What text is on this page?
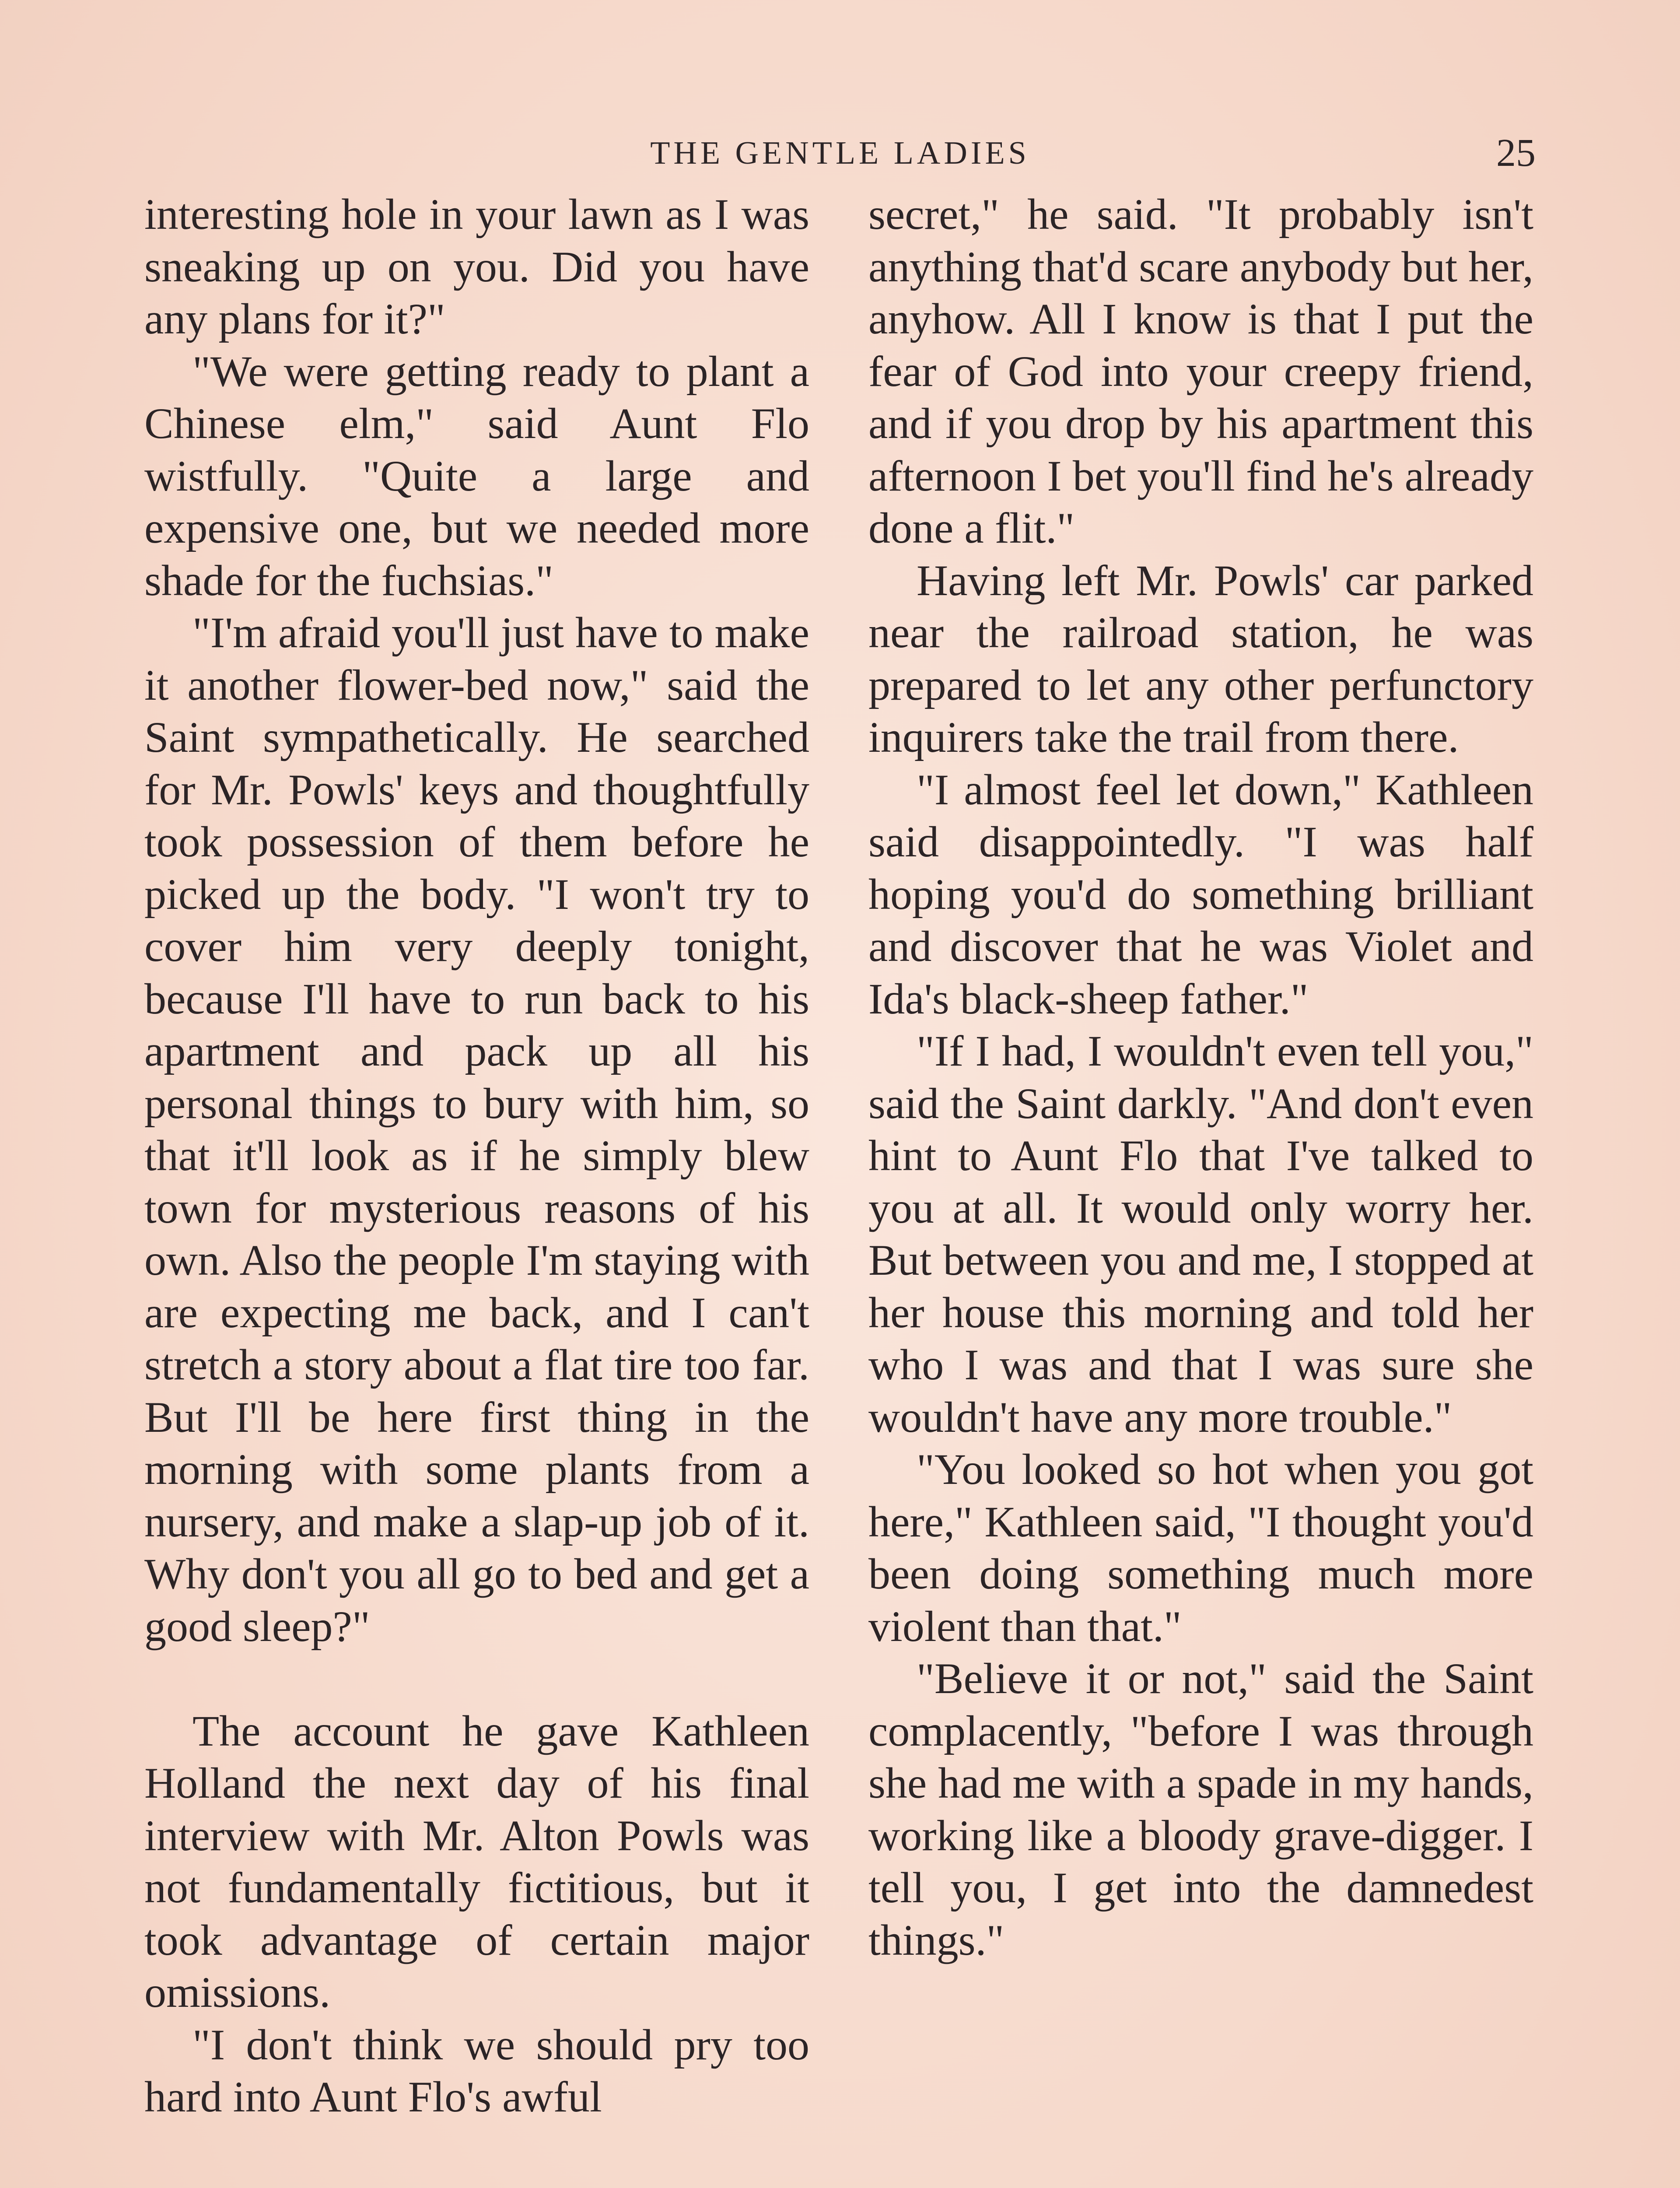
THE GENTLE LADIES	25

interesting hole in your lawn as I was sneaking up on you. Did you have any plans for it?"

"We were getting ready to plant a Chinese elm," said Aunt Flo wistfully. "Quite a large and expensive one, but we needed more shade for the fuchsias."

"I'm afraid you'll just have to make it another flower-bed now," said the Saint sympathetically. He searched for Mr. Powls' keys and thoughtfully took possession of them before he picked up the body. "I won't try to cover him very deeply tonight, because I'll have to run back to his apartment and pack up all his personal things to bury with him, so that it'll look as if he simply blew town for mysterious reasons of his own. Also the people I'm staying with are expecting me back, and I can't stretch a story about a flat tire too far. But I'll be here first thing in the morning with some plants from a nursery, and make a slap-up job of it. Why don't you all go to bed and get a good sleep?"

The account he gave Kathleen Holland the next day of his final interview with Mr. Alton Powls was not fundamentally fictitious, but it took advantage of certain major omissions.

"I don't think we should pry too hard into Aunt Flo's awful

secret," he said. "It probably isn't anything that'd scare anybody but her, anyhow. All I know is that I put the fear of God into your creepy friend, and if you drop by his apartment this afternoon I bet you'll find he's already done a flit."

Having left Mr. Powls' car parked near the railroad station, he was prepared to let any other perfunctory inquirers take the trail from there.

"I almost feel let down," Kathleen said disappointedly. "I was half hoping you'd do something brilliant and discover that he was Violet and Ida's black-sheep father."

"If I had, I wouldn't even tell you," said the Saint darkly. "And don't even hint to Aunt Flo that I've talked to you at all. It would only worry her. But between you and me, I stopped at her house this morning and told her who I was and that I was sure she wouldn't have any more trouble."

"You looked so hot when you got here," Kathleen said, "I thought you'd been doing something much more violent than that."

"Believe it or not," said the Saint complacently, "before I was through she had me with a spade in my hands, working like a bloody grave-digger. I tell you, I get into the damnedest things."
